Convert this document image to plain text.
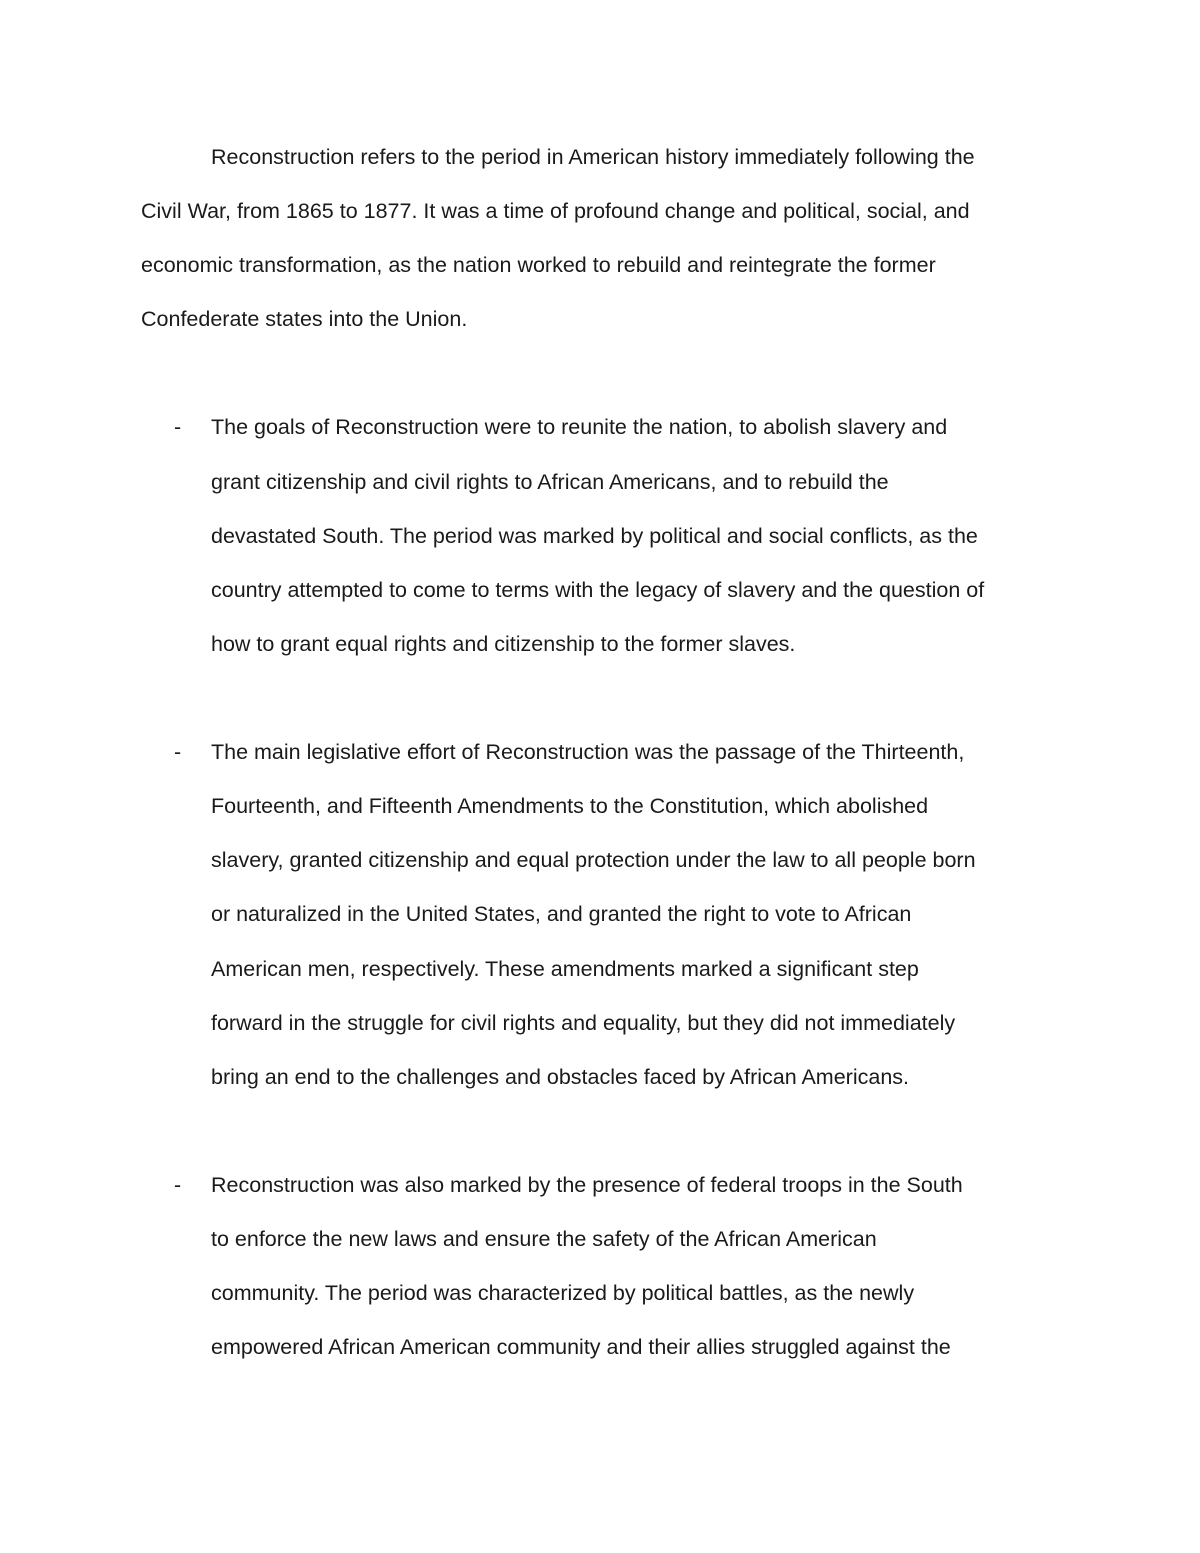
Reconstruction refers to the period in American history immediately following the
Civil War, from 1865 to 1877. It was a time of profound change and political, social, and
economic transformation, as the nation worked to rebuild and reintegrate the former
Confederate states into the Union.
- The goals of Reconstruction were to reunite the nation, to abolish slavery and
grant citizenship and civil rights to African Americans, and to rebuild the
devastated South. The period was marked by political and social conflicts, as the
country attempted to come to terms with the legacy of slavery and the question of
how to grant equal rights and citizenship to the former slaves.
- The main legislative effort of Reconstruction was the passage of the Thirteenth,
Fourteenth, and Fifteenth Amendments to the Constitution, which abolished
slavery, granted citizenship and equal protection under the law to all people born
or naturalized in the United States, and granted the right to vote to African
American men, respectively. These amendments marked a significant step
forward in the struggle for civil rights and equality, but they did not immediately
bring an end to the challenges and obstacles faced by African Americans.
- Reconstruction was also marked by the presence of federal troops in the South
to enforce the new laws and ensure the safety of the African American
community. The period was characterized by political battles, as the newly
empowered African American community and their allies struggled against the
